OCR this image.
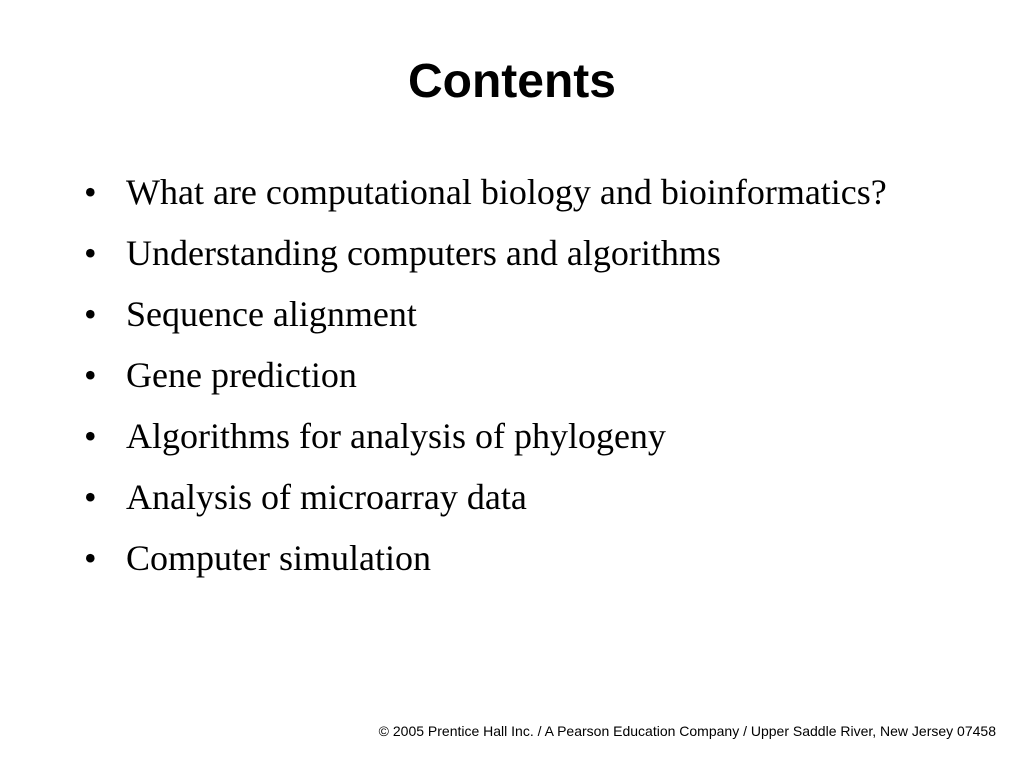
Contents
• What are computational biology and bioinformatics?
• Understanding computers and algorithms
• Sequence alignment
• Gene prediction
• Algorithms for analysis of phylogeny
• Analysis of microarray data
• Computer simulation
© 2005 Prentice Hall Inc. / A Pearson Education Company / Upper Saddle River, New Jersey 07458
